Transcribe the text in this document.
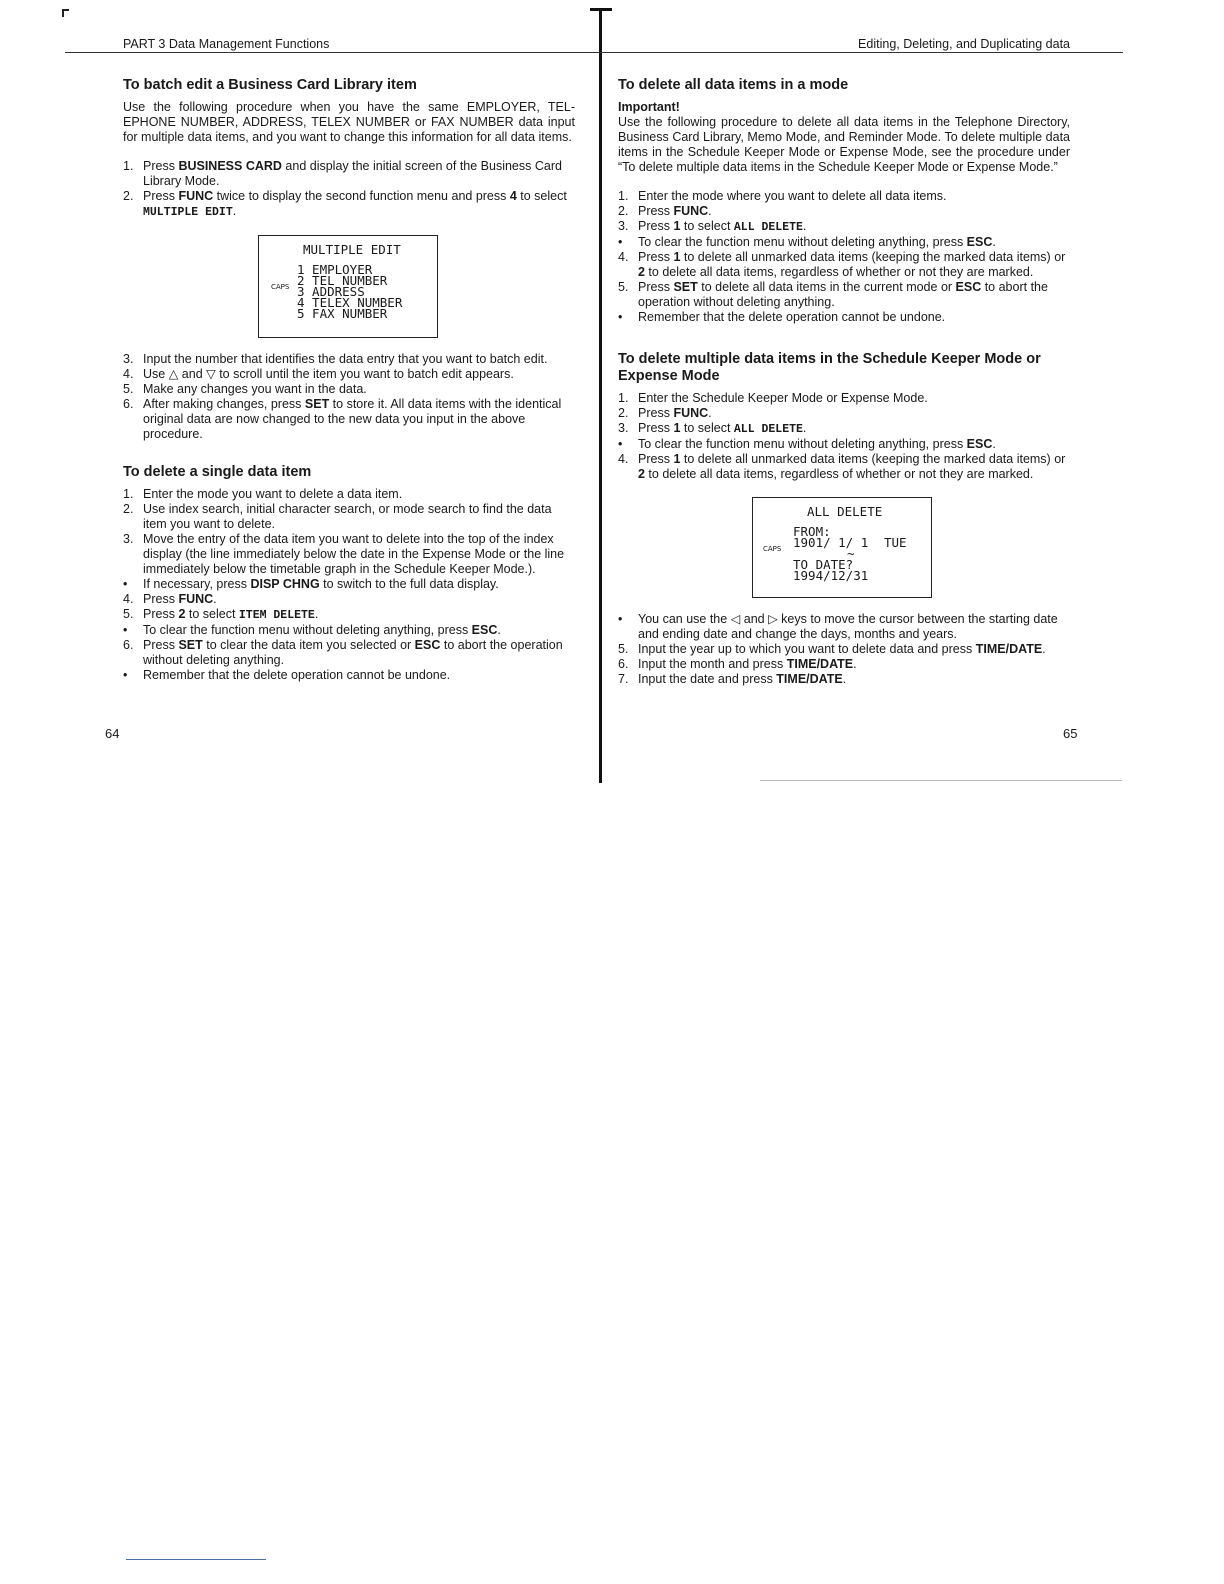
PART 3 Data Management Functions
To batch edit a Business Card Library item

Use the following procedure when you have the same EMPLOYER, TEL-EPHONE NUMBER, ADDRESS, TELEX NUMBER or FAX NUMBER data input for multiple data items, and you want to change this information for all data items.

1. Press BUSINESS CARD and display the initial screen of the Business Card Library Mode.
2. Press FUNC twice to display the second function menu and press 4 to select MULTIPLE EDIT.
MULTIPLE EDIT
CAPS
1 EMPLOYER
2 TEL NUMBER
3 ADDRESS
4 TELEX NUMBER
5 FAX NUMBER
3. Input the number that identifies the data entry that you want to batch edit.
4. Use △ and ▽ to scroll until the item you want to batch edit appears.
5. Make any changes you want in the data.
6. After making changes, press SET to store it. All data items with the identical original data are now changed to the new data you input in the above procedure.
To delete a single data item
1. Enter the mode you want to delete a data item.
2. Use index search, initial character search, or mode search to find the data item you want to delete.
3. Move the entry of the data item you want to delete into the top of the index display (the line immediately below the date in the Expense Mode or the line immediately below the timetable graph in the Schedule Keeper Mode.).
•	If necessary, press DISP CHNG to switch to the full data display.
4. Press FUNC.
5. Press 2 to select ITEM DELETE.
•	To clear the function menu without deleting anything, press ESC.
6. Press SET to clear the data item you selected or ESC to abort the operation without deleting anything.
•	Remember that the delete operation cannot be undone.
64
Editing, Deleting, and Duplicating data
To delete all data items in a mode
Important!

Use the following procedure to delete all data items in the Telephone Directory, Business Card Library, Memo Mode, and Reminder Mode. To delete multiple data items in the Schedule Keeper Mode or Expense Mode, see the procedure under “To delete multiple data items in the Schedule Keeper Mode or Expense Mode.”

1. Enter the mode where you want to delete all data items.
2. Press FUNC.
3. Press 1 to select ALL DELETE.
•	To clear the function menu without deleting anything, press ESC.
4. Press 1 to delete all unmarked data items (keeping the marked data items) or 2 to delete all data items, regardless of whether or not they are marked.
5. Press SET to delete all data items in the current mode or ESC to abort the operation without deleting anything.
•	Remember that the delete operation cannot be undone.
To delete multiple data items in the Schedule Keeper Mode or Expense Mode
1. Enter the Schedule Keeper Mode or Expense Mode.
2. Press FUNC.
3. Press 1 to select ALL DELETE.
•	To clear the function menu without deleting anything, press ESC.
4. Press 1 to delete all unmarked data items (keeping the marked data items) or 2 to delete all data items, regardless of whether or not they are marked.
ALL DELETE
FROM:
CAPS 1901/ 1/ 1 TUE
~
TO DATE?
1994/12/31
•	You can use the ◁ and ▷ keys to move the cursor between the starting date and ending date and change the days, months and years.
5. Input the year up to which you want to delete data and press TIME/DATE.
6. Input the month and press TIME/DATE.
7. Input the date and press TIME/DATE.
65
